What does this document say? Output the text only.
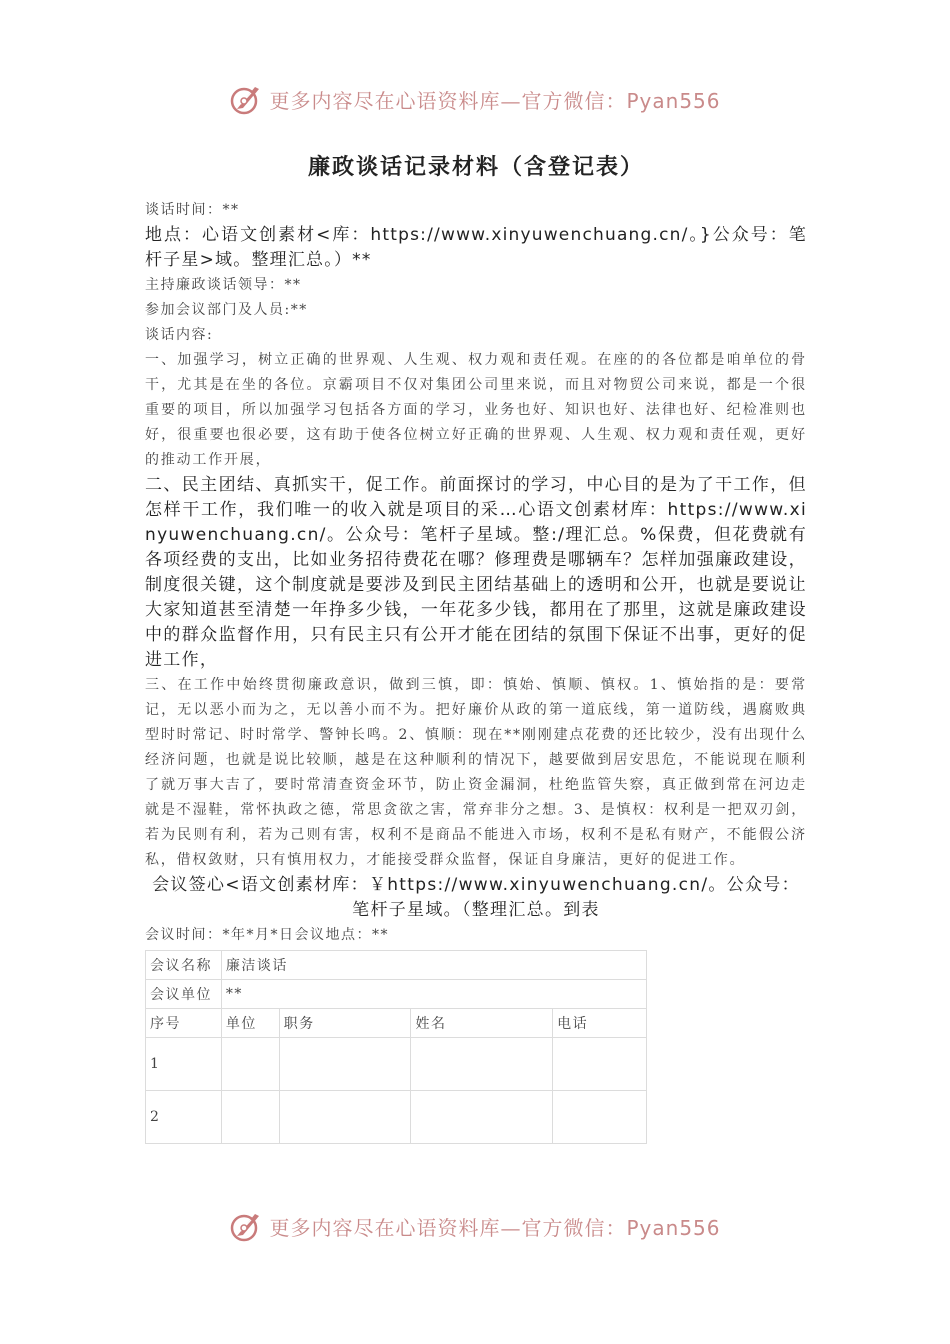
更多内容尽在心语资料库—官方微信：Pyan556
廉政谈话记录材料（含登记表）

谈话时间：**

地点：心语文创素材<库：https://www.xinyuwenchuang.cn/。}公众号：笔杆子星>域。整理汇总。）**

主持廉政谈话领导：**

参加会议部门及人员:**

谈话内容:

一、加强学习，树立正确的世界观、人生观、权力观和责任观。在座的的各位都是咱单位的骨干，尤其是在坐的各位。京霸项目不仅对集团公司里来说，而且对物贸公司来说，都是一个很重要的项目，所以加强学习包括各方面的学习，业务也好、知识也好、法律也好、纪检准则也好，很重要也很必要，这有助于使各位树立好正确的世界观、人生观、权力观和责任观，更好的推动工作开展，

二、民主团结、真抓实干，促工作。前面探讨的学习，中心目的是为了干工作，但怎样干工作，我们唯一的收入就是项目的采…心语文创素材库：https://www.xinyuwenchuang.cn/。公众号：笔杆子星域。整:/理汇总。%保费，但花费就有各项经费的支出，比如业务招待费花在哪？修理费是哪辆车？怎样加强廉政建设，制度很关键，这个制度就是要涉及到民主团结基础上的透明和公开，也就是要说让大家知道甚至清楚一年挣多少钱，一年花多少钱，都用在了那里，这就是廉政建设中的群众监督作用，只有民主只有公开才能在团结的氛围下保证不出事，更好的促进工作，

三、在工作中始终贯彻廉政意识，做到三慎，即：慎始、慎顺、慎权。1、慎始指的是：要常记，无以恶小而为之，无以善小而不为。把好廉价从政的第一道底线，第一道防线，遇腐败典型时时常记、时时常学、警钟长鸣。2、慎顺：现在**刚刚建点花费的还比较少，没有出现什么经济问题，也就是说比较顺，越是在这种顺利的情况下，越要做到居安思危，不能说现在顺利了就万事大吉了，要时常清查资金环节，防止资金漏洞，杜绝监管失察，真正做到常在河边走就是不湿鞋，常怀执政之德，常思贪欲之害，常弃非分之想。3、是慎权：权利是一把双刃剑，若为民则有利，若为己则有害，权利不是商品不能进入市场，权利不是私有财产，不能假公济私，借权敛财，只有慎用权力，才能接受群众监督，保证自身廉洁，更好的促进工作。

会议签心<语文创素材库：￥https://www.xinyuwenchuang.cn/。公众号：笔杆子星域。（整理汇总。到表

会议时间：*年*月*日会议地点：**

会议名称	廉洁谈话			
会议单位	**			
序号	单位	职务	姓名	电话
1				
2				
更多内容尽在心语资料库—官方微信：Pyan556
